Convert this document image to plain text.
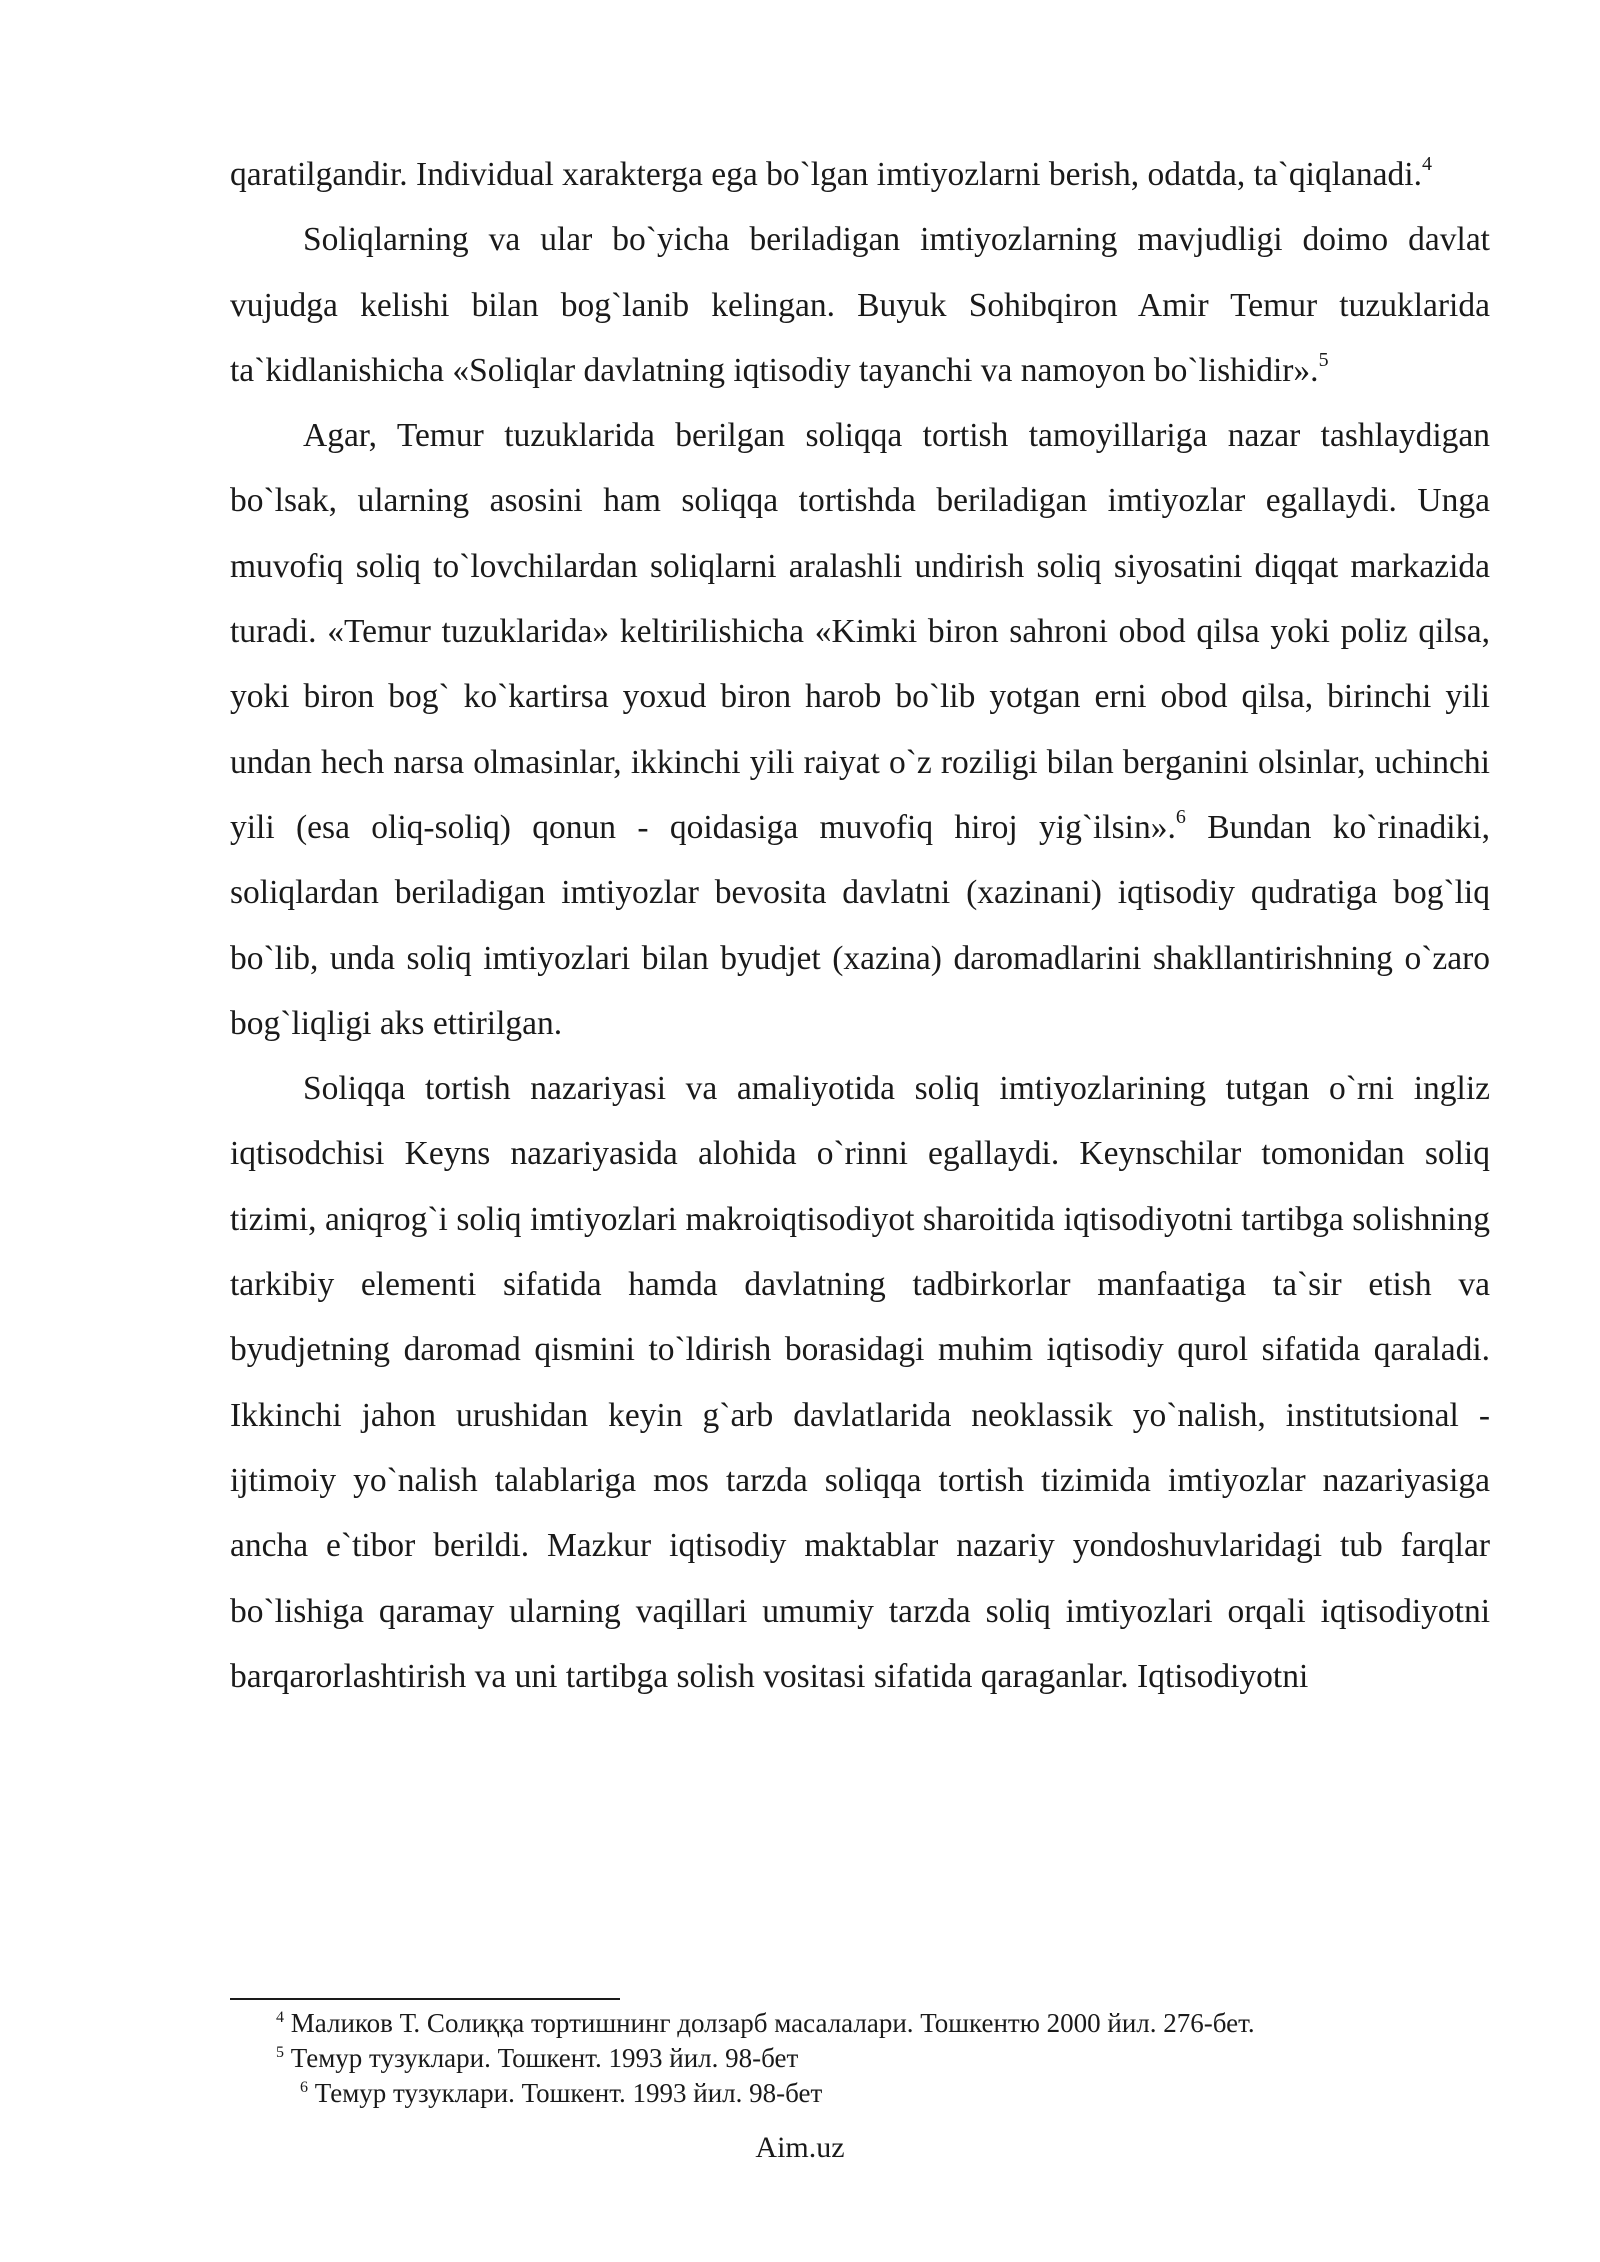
qaratilgandir. Individual xarakterga ega bo`lgan imtiyozlarni berish, odatda, ta`qiqlanadi.$^4$

Soliqlarning va ular bo`yicha beriladigan imtiyozlarning mavjudligi doimo davlat vujudga kelishi bilan bog`lanib kelingan. Buyuk Sohibqiron Amir Temur tuzuklarida ta`kidlanishicha «Soliqlar davlatning iqtisodiy tayanchi va namoyon bo`lishidir».$^5$

Agar, Temur tuzuklarida berilgan soliqqa tortish tamoyillariga nazar tashlaydigan bo`lsak, ularning asosini ham soliqqa tortishda beriladigan imtiyozlar egallaydi. Unga muvofiq soliq to`lovchilardan soliqlarni aralashli undirish soliq siyosatini diqqat markazida turadi. «Temur tuzuklarida» keltirilishicha «Kimki biron sahroni obod qilsa yoki poliz qilsa, yoki biron bog` ko`kartirsa yoxud biron harob bo`lib yotgan erni obod qilsa, birinchi yili undan hech narsa olmasinlar, ikkinchi yili raiyat o`z roziligi bilan berganini olsinlar, uchinchi yili (esa oliq-soliq) qonun - qoidasiga muvofiq hiroj yig`ilsin».$^6$ Bundan ko`rinadiki, soliqlardan beriladigan imtiyozlar bevosita davlatni (xazinani) iqtisodiy qudratiga bog`liq bo`lib, unda soliq imtiyozlari bilan byudjet (xazina) daromadlarini shakllantirishning o`zaro bog`liqligi aks ettirilgan.

Soliqqa tortish nazariyasi va amaliyotida soliq imtiyozlarining tutgan o`rni ingliz iqtisodchisi Keyns nazariyasida alohida o`rinni egallaydi. Keynschilar tomonidan soliq tizimi, aniqrog`i soliq imtiyozlari makroiqtisodiyot sharoitida iqtisodiyotni tartibga solishning tarkibiy elementi sifatida hamda davlatning tadbirkorlar manfaatiga ta`sir etish va byudjetning daromad qismini to`ldirish borasidagi muhim iqtisodiy qurol sifatida qaraladi. Ikkinchi jahon urushidan keyin g`arb davlatlarida neoklassik yo`nalish, institutsional - ijtimoiy yo`nalish talablariga mos tarzda soliqqa tortish tizimida imtiyozlar nazariyasiga ancha e`tibor berildi. Mazkur iqtisodiy maktablar nazariy yondoshuvlaridagi tub farqlar bo`lishiga qaramay ularning vaqillari umumiy tarzda soliq imtiyozlari orqali iqtisodiyotni barqarorlashtirish va uni tartibga solish vositasi sifatida qaraganlar. Iqtisodiyotni

$^4$ Маликов Т. Солиққа тортишнинг долзарб масалалари. Тошкентю 2000 йил. 276-бет.

$^5$ Темур тузуклари. Тошкент. 1993 йил. 98-бет

$^6$ Темур тузуклари. Тошкент. 1993 йил. 98-бет

Aim.uz
